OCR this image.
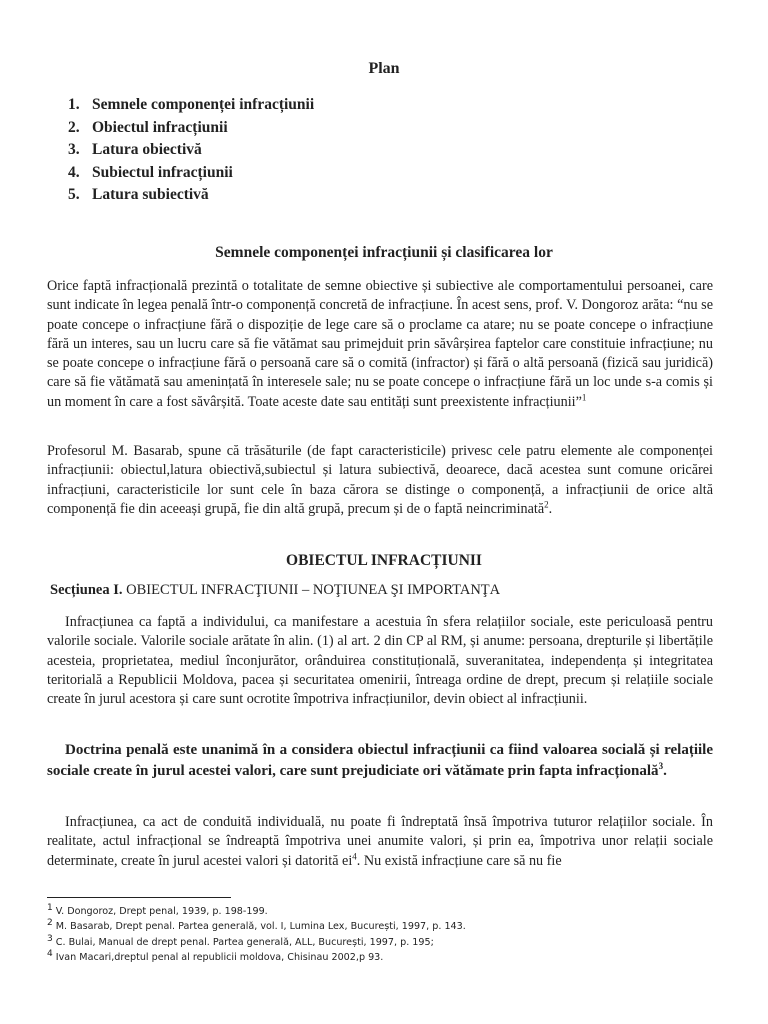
Plan
1. Semnele componenței infracțiunii
2. Obiectul infracțiunii
3. Latura obiectivă
4. Subiectul infracțiunii
5. Latura subiectivă
Semnele componenței infracțiunii și clasificarea lor

Orice faptă infracțională prezintă o totalitate de semne obiective și subiective ale comportamentului persoanei, care sunt indicate în legea penală într-o componență concretă de infracțiune. În acest sens, prof. V. Dongoroz arăta: “nu se poate concepe o infracțiune fără o dispoziție de lege care să o proclame ca atare; nu se poate concepe o infracțiune fără un interes, sau un lucru care să fie vătămat sau primejduit prin săvârșirea faptelor care constituie infracțiune; nu se poate concepe o infracțiune fără o persoană care să o comită (infractor) și fără o altă persoană (fizică sau juridică) care să fie vătămată sau amenințată în interesele sale; nu se poate concepe o infracțiune fără un loc unde s-a comis și un moment în care a fost săvârșită. Toate aceste date sau entități sunt preexistente infracțiunii”$^1$

Profesorul M. Basarab, spune că trăsăturile (de fapt caracteristicile) privesc cele patru elemente ale componenței infracțiunii: obiectul,latura obiectivă,subiectul și latura subiectivă, deoarece, dacă acestea sunt comune oricărei infracțiuni, caracteristicile lor sunt cele în baza cărora se distinge o componență, a infracțiunii de orice altă componență fie din aceeași grupă, fie din altă grupă, precum și de o faptă neincriminată$^2$.

OBIECTUL INFRACȚIUNII
Secțiunea I. OBIECTUL INFRACŢIUNII – NOŢIUNEA ŞI IMPORTANŢA

Infracțiunea ca faptă a individului, ca manifestare a acestuia în sfera relațiilor sociale, este periculoasă pentru valorile sociale. Valorile sociale arătate în alin. (1) al art. 2 din CP al RM, și anume: persoana, drepturile și libertățile acesteia, proprietatea, mediul înconjurător, orânduirea constituțională, suveranitatea, independența și integritatea teritorială a Republicii Moldova, pacea și securitatea omenirii, întreaga ordine de drept, precum și relațiile sociale create în jurul acestora și care sunt ocrotite împotriva infracțiunilor, devin obiect al infracțiunii.

Doctrina penală este unanimă în a considera obiectul infracțiunii ca fiind valoarea socială și relațiile sociale create în jurul acestei valori, care sunt prejudiciate ori vătămate prin fapta infracțională$^3$.

Infracțiunea, ca act de conduită individuală, nu poate fi îndreptată însă împotriva tuturor relațiilor sociale. În realitate, actul infracțional se îndreaptă împotriva unei anumite valori, și prin ea, împotriva unor relații sociale determinate, create în jurul acestei valori și datorită $ei^4$. Nu există infracțiune care să nu fie

$^1$ V. Dongoroz, Drept penal, 1939, p. 198-199.
$^2$ M. Basarab, Drept penal. Partea generală, vol. I, Lumina Lex, București, 1997, p. 143.
$^3$ C. Bulai, Manual de drept penal. Partea generală, ALL, București, 1997, p. 195;
$^4$ Ivan Macari,dreptul penal al republicii moldova, Chisinau 2002,p 93.
